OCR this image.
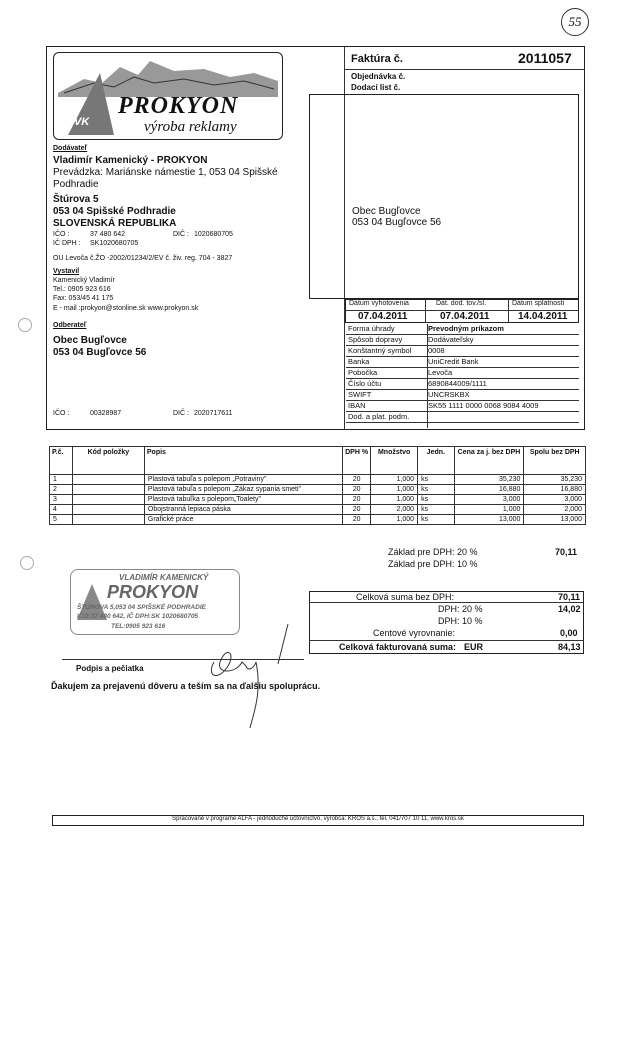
55
Faktúra č.	2011057
Objednávka č.
Dodací list č.
Obec Bugľovce
053 04 Bugľovce 56
VK
PROKYON
výroba reklamy
Dodávateľ
Vladimír Kamenický - PROKYON
Prevádzka: Mariánske námestie 1, 053 04 Spišské
Podhradie
Štúrova 5
053 04 Spišské Podhradie
SLOVENSKÁ REPUBLIKA
IČO :	37 480 642	DIČ : 1020680705
IČ DPH : SK1020680705
OU Levoča č.ŽO -2002/01234/2/EV č. živ. reg. 704 - 3827
Vystavil
Kamenický Vladimír
Tel.: 0905 923 616
Fax: 053/45 41 175
E - mail :prokyon@stonline.sk www.prokyon.sk
Odberateľ
Obec Bugľovce
053 04 Bugľovce 56
IČO :	00328987	DIČ : 2020717611
Dátum vyhotovenia	Dát. dod. tov./sl.	Dátum splatnosti
07.04.2011	07.04.2011	14.04.2011
Forma úhrady	Prevodným príkazom
Spôsob dopravy	Dodávateľsky
Konštantný symbol	0008
Banka	UniCredit Bank
Pobočka	Levoča
Číslo účtu	6890844009/1111
SWIFT	UNCRSKBX
IBAN	SK55 1111 0000 0068 9084 4009
Dod. a plat. podm.	
P.č.	Kód položky	Popis	DPH %	Množstvo	Jedn.	Cena za j. bez DPH	Spolu bez DPH
1		Plastová tabuľa s polepom „Potraviny"	20	1,000	ks	35,230	35,230
2		Plastová tabuľa s polepom „Zákaz sypania smeti"	20	1,000	ks	16,880	16,880
3		Plastová tabuľka s polepom„Toalety"	20	1,000	ks	3,000	3,000
4		Obojstranná lepiaca páska	20	2,000	ks	1,000	2,000
5		Grafické práce	20	1,000	ks	13,000	13,000
Základ pre DPH: 20 %	70,11
Základ pre DPH: 10 %
VLADIMÍR KAMENICKÝ
PROKYON
ŠTÚROVA 5,053 04 SPIŠSKÉ PODHRADIE
IČO:37 480 642, IČ DPH:SK 1020680705
TEL:0905 923 616
Podpis a pečiatka
Celková suma bez DPH:	70,11
DPH: 20 %	14,02
DPH: 10 %
Centové vyrovnanie:	0,00
Celková fakturovaná suma: EUR	84,13
Ďakujem za prejavenú dôveru a teším sa na ďalšiu spoluprácu.
Spracované v programe ALFA - jednoduché účtovníctvo, výrobca: KROS a.s., tel. 041/707 10 11, www.kros.sk
